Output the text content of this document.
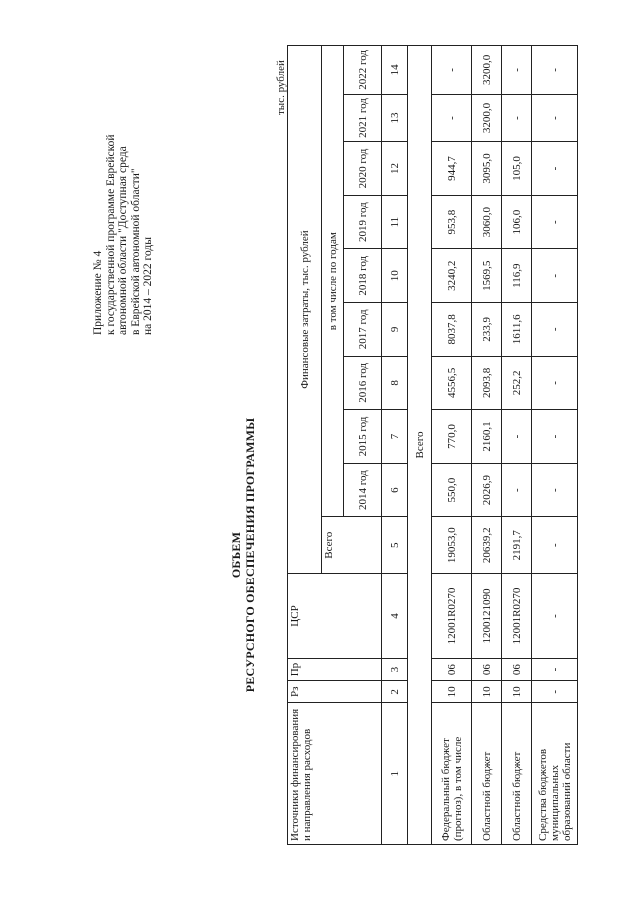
Приложение № 4 к государственной программе Еврейской автономной области "Доступная среда в Еврейской автономной области" на 2014 – 2022 годы
ОБЪЕМ РЕСУРСНОГО ОБЕСПЕЧЕНИЯ ПРОГРАММЫ
тыс. рублей
Источники финансирования и направления расходов	Рз	Пр	ЦСР	Финансовые затраты, тыс. рублей									
				Всего	в том числе по годам								
					2014 год	2015 год	2016 год	2017 год	2018 год	2019 год	2020 год	2021 год	2022 год
1	2	3	4	5	6	7	8	9	10	11	12	13	14
Всего													
Федеральный бюджет (прогноз), в том числе	10	06	12001R0270	19053,0	550,0	770,0	4556,5	8037,8	3240,2	953,8	944,7	-	-
Областной бюджет	10	06	1200121090	20639,2	2026,9	2160,1	2093,8	233,9	1569,5	3060,0	3095,0	3200,0	3200,0
Областной бюджет	10	06	12001R0270	2191,7	-	-	252,2	1611,6	116,9	106,0	105,0	-	-
Средства бюджетов муниципальных образований области	-	-	-	-	-	-	-	-	-	-	-	-	-
